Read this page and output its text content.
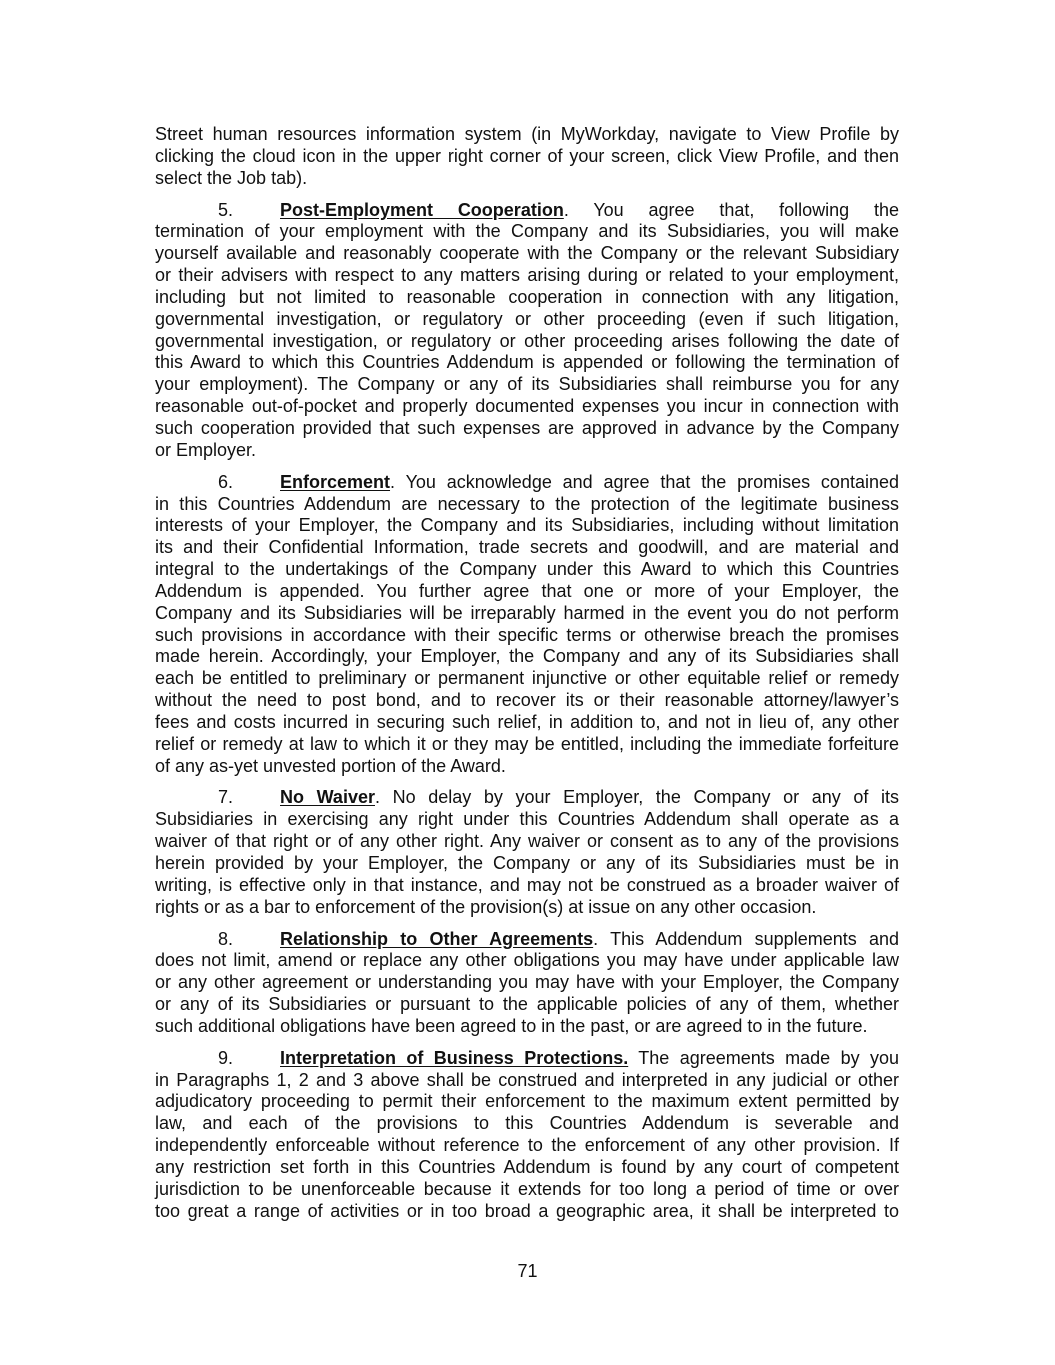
Street human resources information system (in MyWorkday, navigate to View Profile by
clicking the cloud icon in the upper right corner of your screen, click View Profile, and then
select the Job tab).
5.	Post-Employment Cooperation. You agree that, following the
termination of your employment with the Company and its Subsidiaries, you will make
yourself available and reasonably cooperate with the Company or the relevant Subsidiary
or their advisers with respect to any matters arising during or related to your employment,
including but not limited to reasonable cooperation in connection with any litigation,
governmental investigation, or regulatory or other proceeding (even if such litigation,
governmental investigation, or regulatory or other proceeding arises following the date of
this Award to which this Countries Addendum is appended or following the termination of
your employment). The Company or any of its Subsidiaries shall reimburse you for any
reasonable out-of-pocket and properly documented expenses you incur in connection with
such cooperation provided that such expenses are approved in advance by the Company
or Employer.
6.	Enforcement. You acknowledge and agree that the promises contained
in this Countries Addendum are necessary to the protection of the legitimate business
interests of your Employer, the Company and its Subsidiaries, including without limitation
its and their Confidential Information, trade secrets and goodwill, and are material and
integral to the undertakings of the Company under this Award to which this Countries
Addendum is appended. You further agree that one or more of your Employer, the
Company and its Subsidiaries will be irreparably harmed in the event you do not perform
such provisions in accordance with their specific terms or otherwise breach the promises
made herein. Accordingly, your Employer, the Company and any of its Subsidiaries shall
each be entitled to preliminary or permanent injunctive or other equitable relief or remedy
without the need to post bond, and to recover its or their reasonable attorney/lawyer’s
fees and costs incurred in securing such relief, in addition to, and not in lieu of, any other
relief or remedy at law to which it or they may be entitled, including the immediate forfeiture
of any as-yet unvested portion of the Award.
7.	No Waiver. No delay by your Employer, the Company or any of its
Subsidiaries in exercising any right under this Countries Addendum shall operate as a
waiver of that right or of any other right. Any waiver or consent as to any of the provisions
herein provided by your Employer, the Company or any of its Subsidiaries must be in
writing, is effective only in that instance, and may not be construed as a broader waiver of
rights or as a bar to enforcement of the provision(s) at issue on any other occasion.
8.	Relationship to Other Agreements. This Addendum supplements and
does not limit, amend or replace any other obligations you may have under applicable law
or any other agreement or understanding you may have with your Employer, the Company
or any of its Subsidiaries or pursuant to the applicable policies of any of them, whether
such additional obligations have been agreed to in the past, or are agreed to in the future.
9.	Interpretation of Business Protections. The agreements made by you
in Paragraphs 1, 2 and 3 above shall be construed and interpreted in any judicial or other
adjudicatory proceeding to permit their enforcement to the maximum extent permitted by
law, and each of the provisions to this Countries Addendum is severable and
independently enforceable without reference to the enforcement of any other provision. If
any restriction set forth in this Countries Addendum is found by any court of competent
jurisdiction to be unenforceable because it extends for too long a period of time or over
too great a range of activities or in too broad a geographic area, it shall be interpreted to
71
